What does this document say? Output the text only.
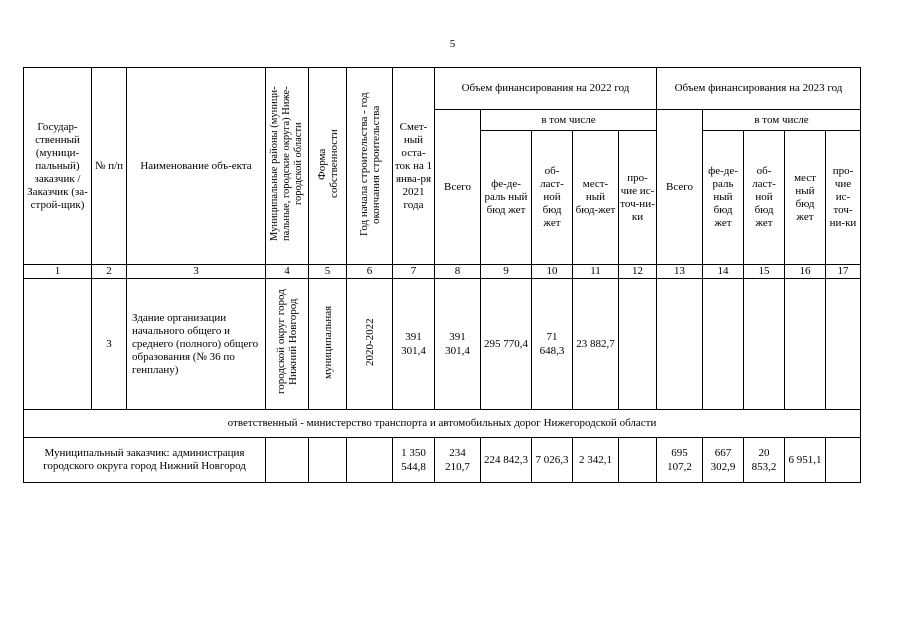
5
Государ-ственный (муници-пальный) заказчик / Заказчик (за-строй-щик)	№ п/п	Наименование объ-екта	Муниципальные районы (муници-пальные, городские округа) Ниже-городской области	Форма собственности	Год начала строительства - год окончания строительства	Смет-ный оста-ток на 1 янва-ря 2021 года	Объем финансирования на 2022 год					Объем финансирования на 2023 год				
							Всего	в том числе				Всего	в том числе			
								фе-де-раль ный бюд жет	об-ласт-ной бюд жет	мест-ный бюд-жет	про-чие ис-точ-ни-ки		фе-де-раль ный бюд жет	об-ласт-ной бюд жет	мест ный бюд жет	про-чие ис-точ-ни-ки
1	2	3	4	5	6	7	8	9	10	11	12	13	14	15	16	17
	3	Здание организации начального общего и среднего (полного) общего образования (№ 36 по генплану)	городской округ город Нижний Новгород	муниципальная	2020-2022	391 301,4	391 301,4	295 770,4	71 648,3	23 882,7						
ответственный - министерство транспорта и автомобильных дорог Нижегородской области																
Муниципальный заказчик: администрация городского округа город Нижний Новгород						1 350 544,8	234 210,7	224 842,3	7 026,3	2 342,1		695 107,2	667 302,9	20 853,2	6 951,1	
